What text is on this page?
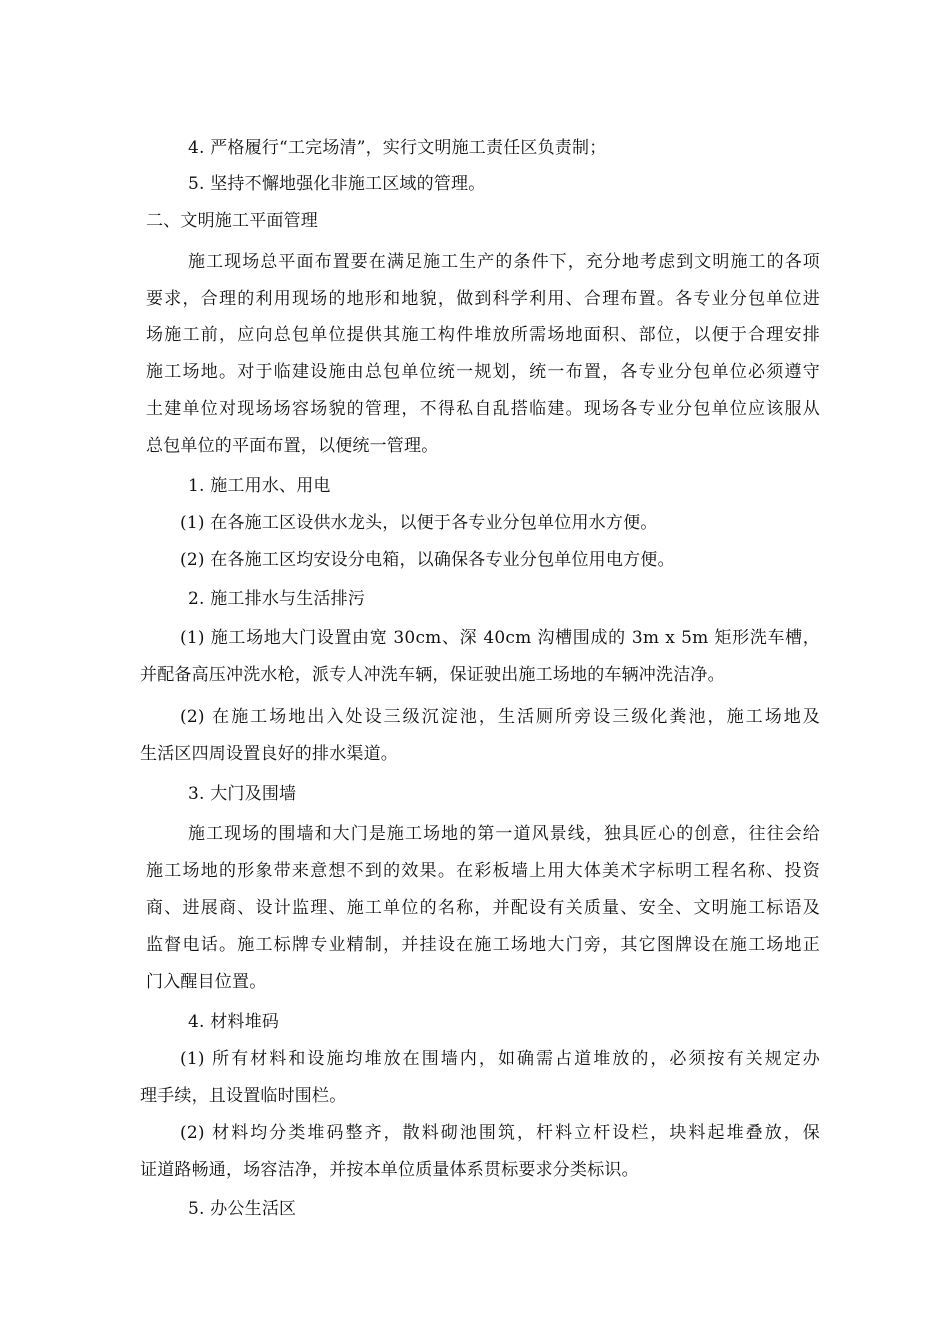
4. 严格履行“工完场清”，实行文明施工责任区负责制；
5. 坚持不懈地强化非施工区域的管理。
二、文明施工平面管理
施工现场总平面布置要在满足施工生产的条件下，充分地考虑到文明施工的各项
要求，合理的利用现场的地形和地貌，做到科学利用、合理布置。各专业分包单位进
场施工前，应向总包单位提供其施工构件堆放所需场地面积、部位，以便于合理安排
施工场地。对于临建设施由总包单位统一规划，统一布置，各专业分包单位必须遵守
土建单位对现场场容场貌的管理，不得私自乱搭临建。现场各专业分包单位应该服从
总包单位的平面布置，以便统一管理。
1. 施工用水、用电
(1) 在各施工区设供水龙头，以便于各专业分包单位用水方便。
(2) 在各施工区均安设分电箱，以确保各专业分包单位用电方便。
2. 施工排水与生活排污
(1) 施工场地大门设置由宽 30cm、深 40cm 沟槽围成的 3m x 5m 矩形洗车槽，
并配备高压冲洗水枪，派专人冲洗车辆，保证驶出施工场地的车辆冲洗洁净。
(2) 在施工场地出入处设三级沉淀池，生活厕所旁设三级化粪池，施工场地及
生活区四周设置良好的排水渠道。
3. 大门及围墙
施工现场的围墙和大门是施工场地的第一道风景线，独具匠心的创意，往往会给
施工场地的形象带来意想不到的效果。在彩板墙上用大体美术字标明工程名称、投资
商、进展商、设计监理、施工单位的名称，并配设有关质量、安全、文明施工标语及
监督电话。施工标牌专业精制，并挂设在施工场地大门旁，其它图牌设在施工场地正
门入醒目位置。
4. 材料堆码
(1) 所有材料和设施均堆放在围墙内，如确需占道堆放的，必须按有关规定办
理手续，且设置临时围栏。
(2) 材料均分类堆码整齐，散料砌池围筑，杆料立杆设栏，块料起堆叠放，保
证道路畅通，场容洁净，并按本单位质量体系贯标要求分类标识。
5. 办公生活区
